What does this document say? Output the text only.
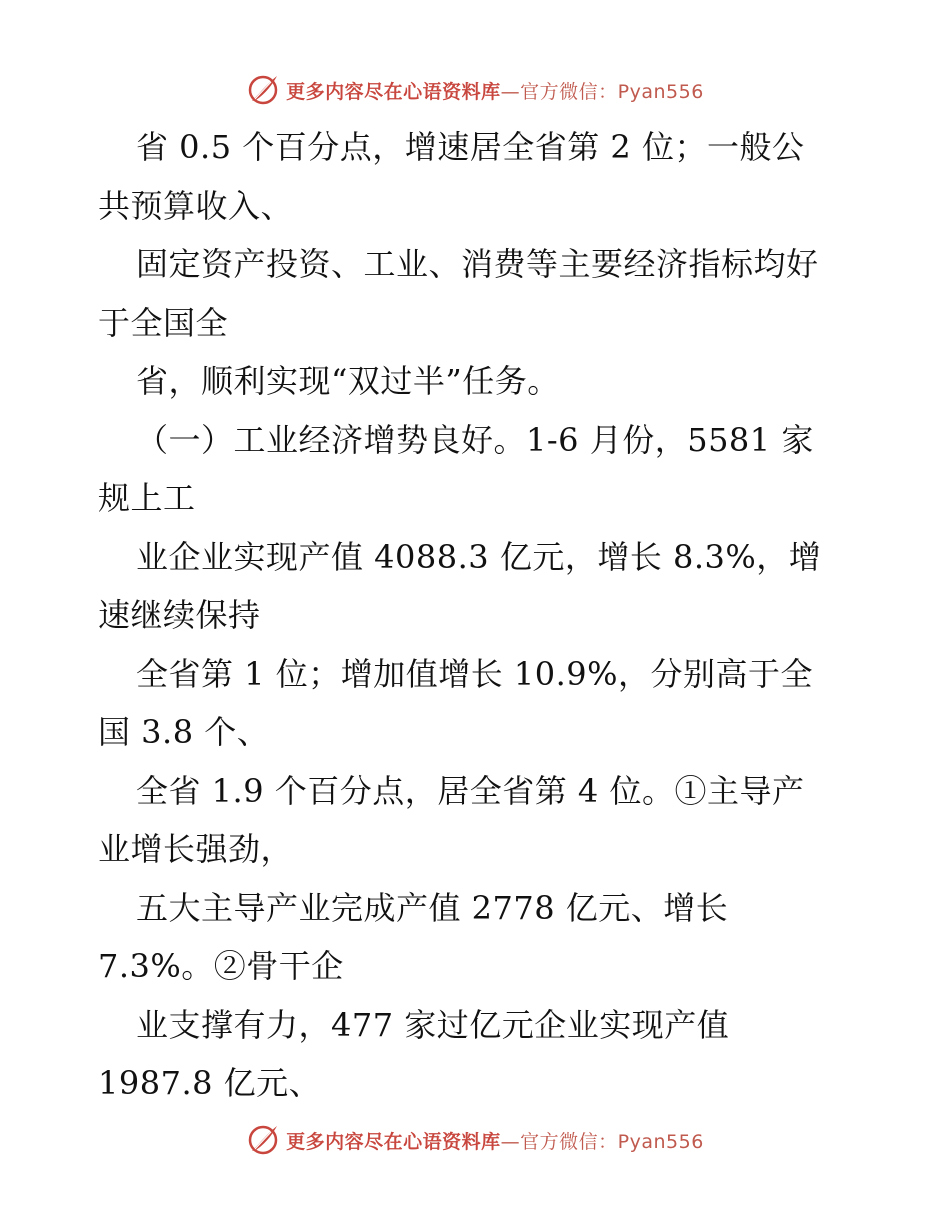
更多内容尽在心语资料库—官方微信：Pyan556
省 0.5 个百分点，增速居全省第 2 位；一般公
共预算收入、
固定资产投资、工业、消费等主要经济指标均好
于全国全
省，顺利实现“双过半”任务。
（一）工业经济增势良好。1-6 月份，5581 家
规上工
业企业实现产值 4088.3 亿元，增长 8.3%，增
速继续保持
全省第 1 位；增加值增长 10.9%，分别高于全
国 3.8 个、
全省 1.9 个百分点，居全省第 4 位。①主导产
业增长强劲，
五大主导产业完成产值 2778 亿元、增长
7.3%。②骨干企
业支撑有力，477 家过亿元企业实现产值
1987.8 亿元、
更多内容尽在心语资料库—官方微信：Pyan556
